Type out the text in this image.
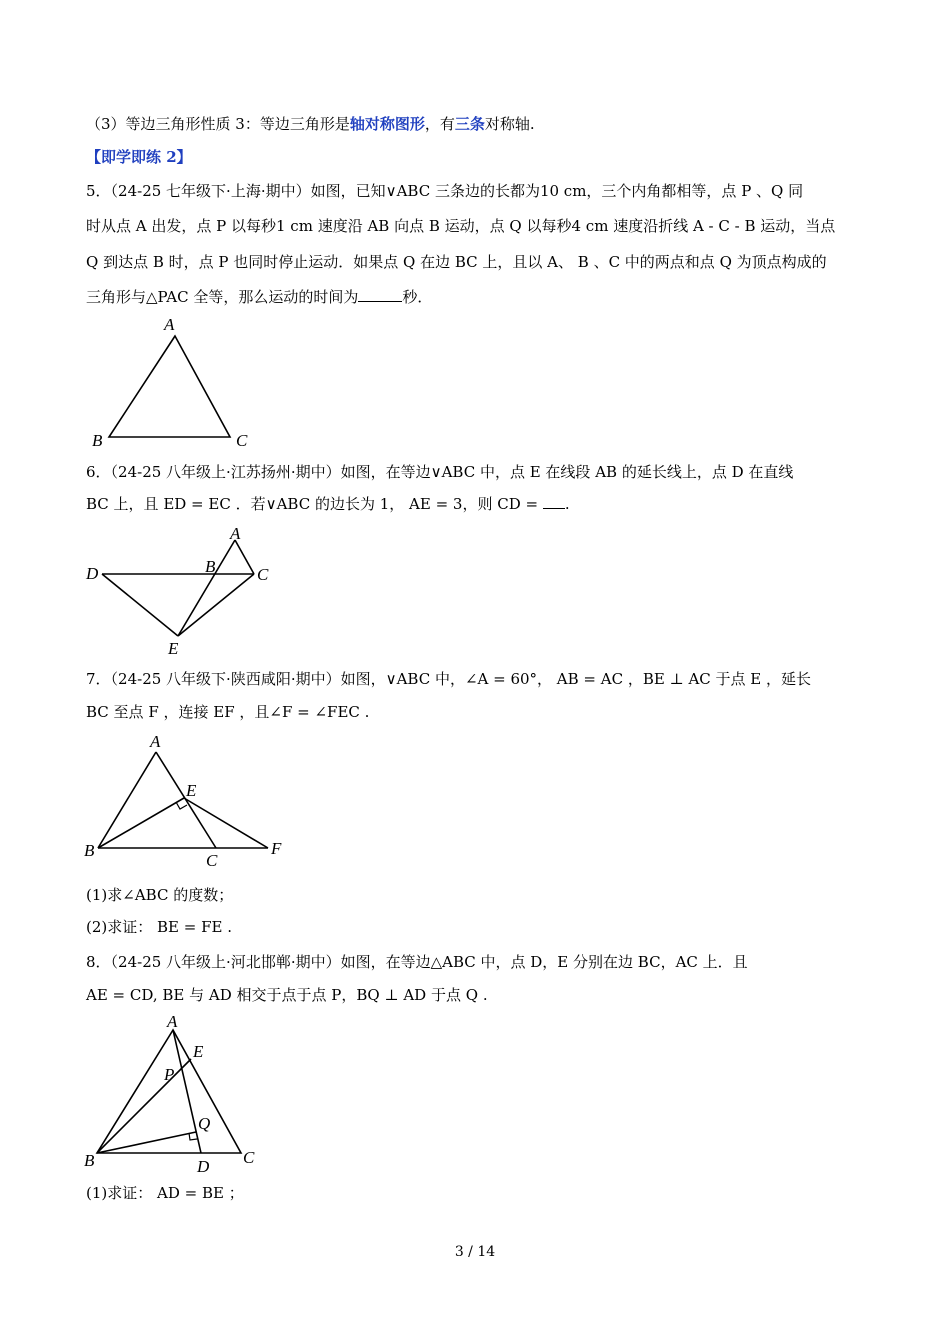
（3）等边三角形性质 3：等边三角形是轴对称图形，有三条对称轴.
【即学即练 2】
5．（24-25 七年级下·上海·期中）如图，已知∨ABC 三条边的长都为10 cm，三个内角都相等，点 P 、Q 同
时从点 A 出发，点 P 以每秒1 cm 速度沿 AB 向点 B 运动，点 Q 以每秒4 cm 速度沿折线 A - C - B 运动，当点
Q 到达点 B 时，点 P 也同时停止运动．如果点 Q 在边 BC 上，且以 A、 B 、C 中的两点和点 Q 为顶点构成的
三角形与△PAC 全等，那么运动的时间为	秒．
A
B	C
6．（24-25 八年级上·江苏扬州·期中）如图，在等边∨ABC 中，点 E 在线段 AB 的延长线上，点 D 在直线
BC 上，且 ED = EC ．若∨ABC 的边长为 1， AE = 3，则 CD = .
A
B C
D
E
7．（24-25 八年级下·陕西咸阳·期中）如图，∨ABC 中，∠A = 60°， AB = AC ，BE ⊥ AC 于点 E ，延长
BC 至点 F ，连接 EF ，且∠F = ∠FEC .
A
B
C
E
F
(1)求∠ABC 的度数；
(2)求证： BE = FE .
8．（24-25 八年级上·河北邯郸·期中）如图，在等边△ABC 中，点 D，E 分别在边 BC，AC 上．且
AE = CD, BE 与 AD 相交于点于点 P，BQ ⊥ AD 于点 Q .
A
E
P
Q
B	D C
(1)求证： AD = BE ；
3 / 14
